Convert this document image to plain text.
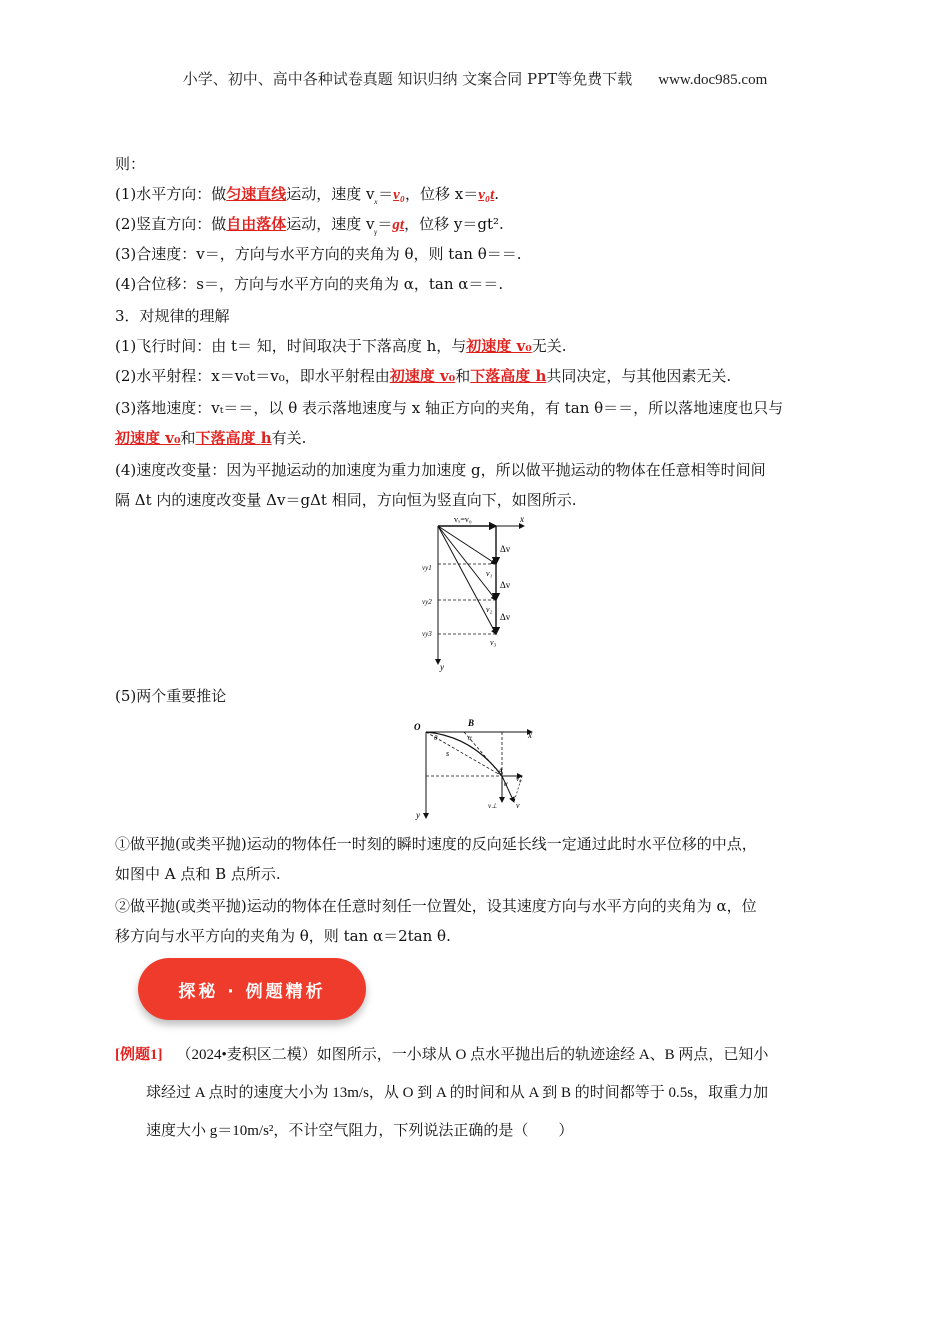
小学、初中、高中各种试卷真题 知识归纳 文案合同 PPT等免费下载 www.doc985.com
则：
(1)水平方向：做匀速直线运动，速度 $v_{_x}=v_0$，位移 x＝v₀t.
(2)竖直方向：做自由落体运动，速度 $v_ᵧ=gt$，位移 y＝gt².
(3)合速度：v＝，方向与水平方向的夹角为 θ，则 tan θ＝＝.
(4)合位移：s＝，方向与水平方向的夹角为 α，tan α＝＝.
3．对规律的理解
(1)飞行时间：由 t＝ 知，时间取决于下落高度 h，与初速度 v₀无关.
(2)水平射程：x＝v₀t＝v₀，即水平射程由初速度 v₀和下落高度 h共同决定，与其他因素无关.
(3)落地速度：vₜ＝＝，以 θ 表示落地速度与 x 轴正方向的夹角，有 tan θ＝＝，所以落地速度也只与
初速度 v₀和下落高度 h有关.
(4)速度改变量：因为平抛运动的加速度为重力加速度 g，所以做平抛运动的物体在任意相等时间间
隔 Δt 内的速度改变量 Δv＝gΔt 相同，方向恒为竖直向下，如图所示.
(5)两个重要推论
①做平抛(或类平抛)运动的物体任一时刻的瞬时速度的反向延长线一定通过此时水平位移的中点，
如图中 A 点和 B 点所示.
②做平抛(或类平抛)运动的物体在任意时刻任一位置处，设其速度方向与水平方向的夹角为 α，位
移方向与水平方向的夹角为 θ，则 tan α＝2tan θ.
vₓ=v₀	x
y
vy1
vy2
vy3
v₁
v₂
v₃
Δv
Δv
Δv
O	B
x
y
A
s
θ	α
α
v₀
v⊥ v
探秘 · 例题精析
[例题1] （2024•麦积区二模）如图所示，一小球从 O 点水平抛出后的轨迹途经 A、B 两点，已知小
球经过 A 点时的速度大小为 13m/s，从 O 到 A 的时间和从 A 到 B 的时间都等于 0.5s，取重力加
速度大小 g＝10m/s²，不计空气阻力，下列说法正确的是（　　）
